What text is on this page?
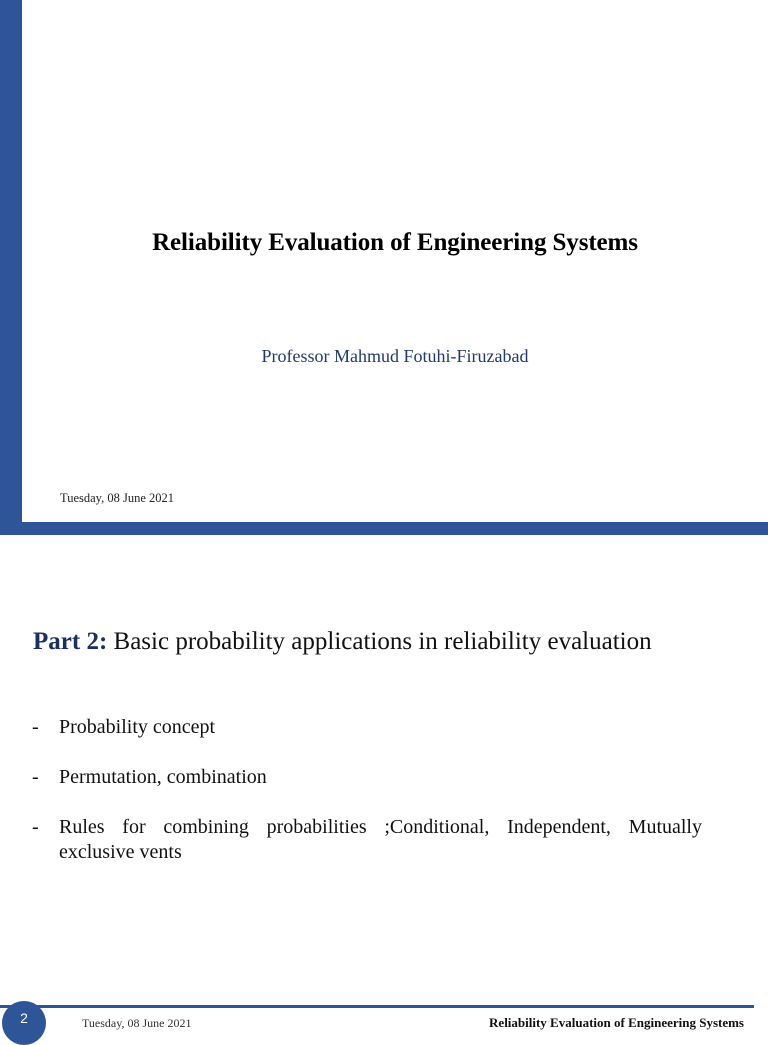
Reliability Evaluation of Engineering Systems
Professor Mahmud Fotuhi-Firuzabad
Tuesday, 08 June 2021
Part 2: Basic probability applications in reliability evaluation
- Probability concept
- Permutation, combination
- Rules for combining probabilities ;Conditional, Independent, Mutually exclusive vents
2	Tuesday, 08 June 2021	Reliability Evaluation of Engineering Systems
